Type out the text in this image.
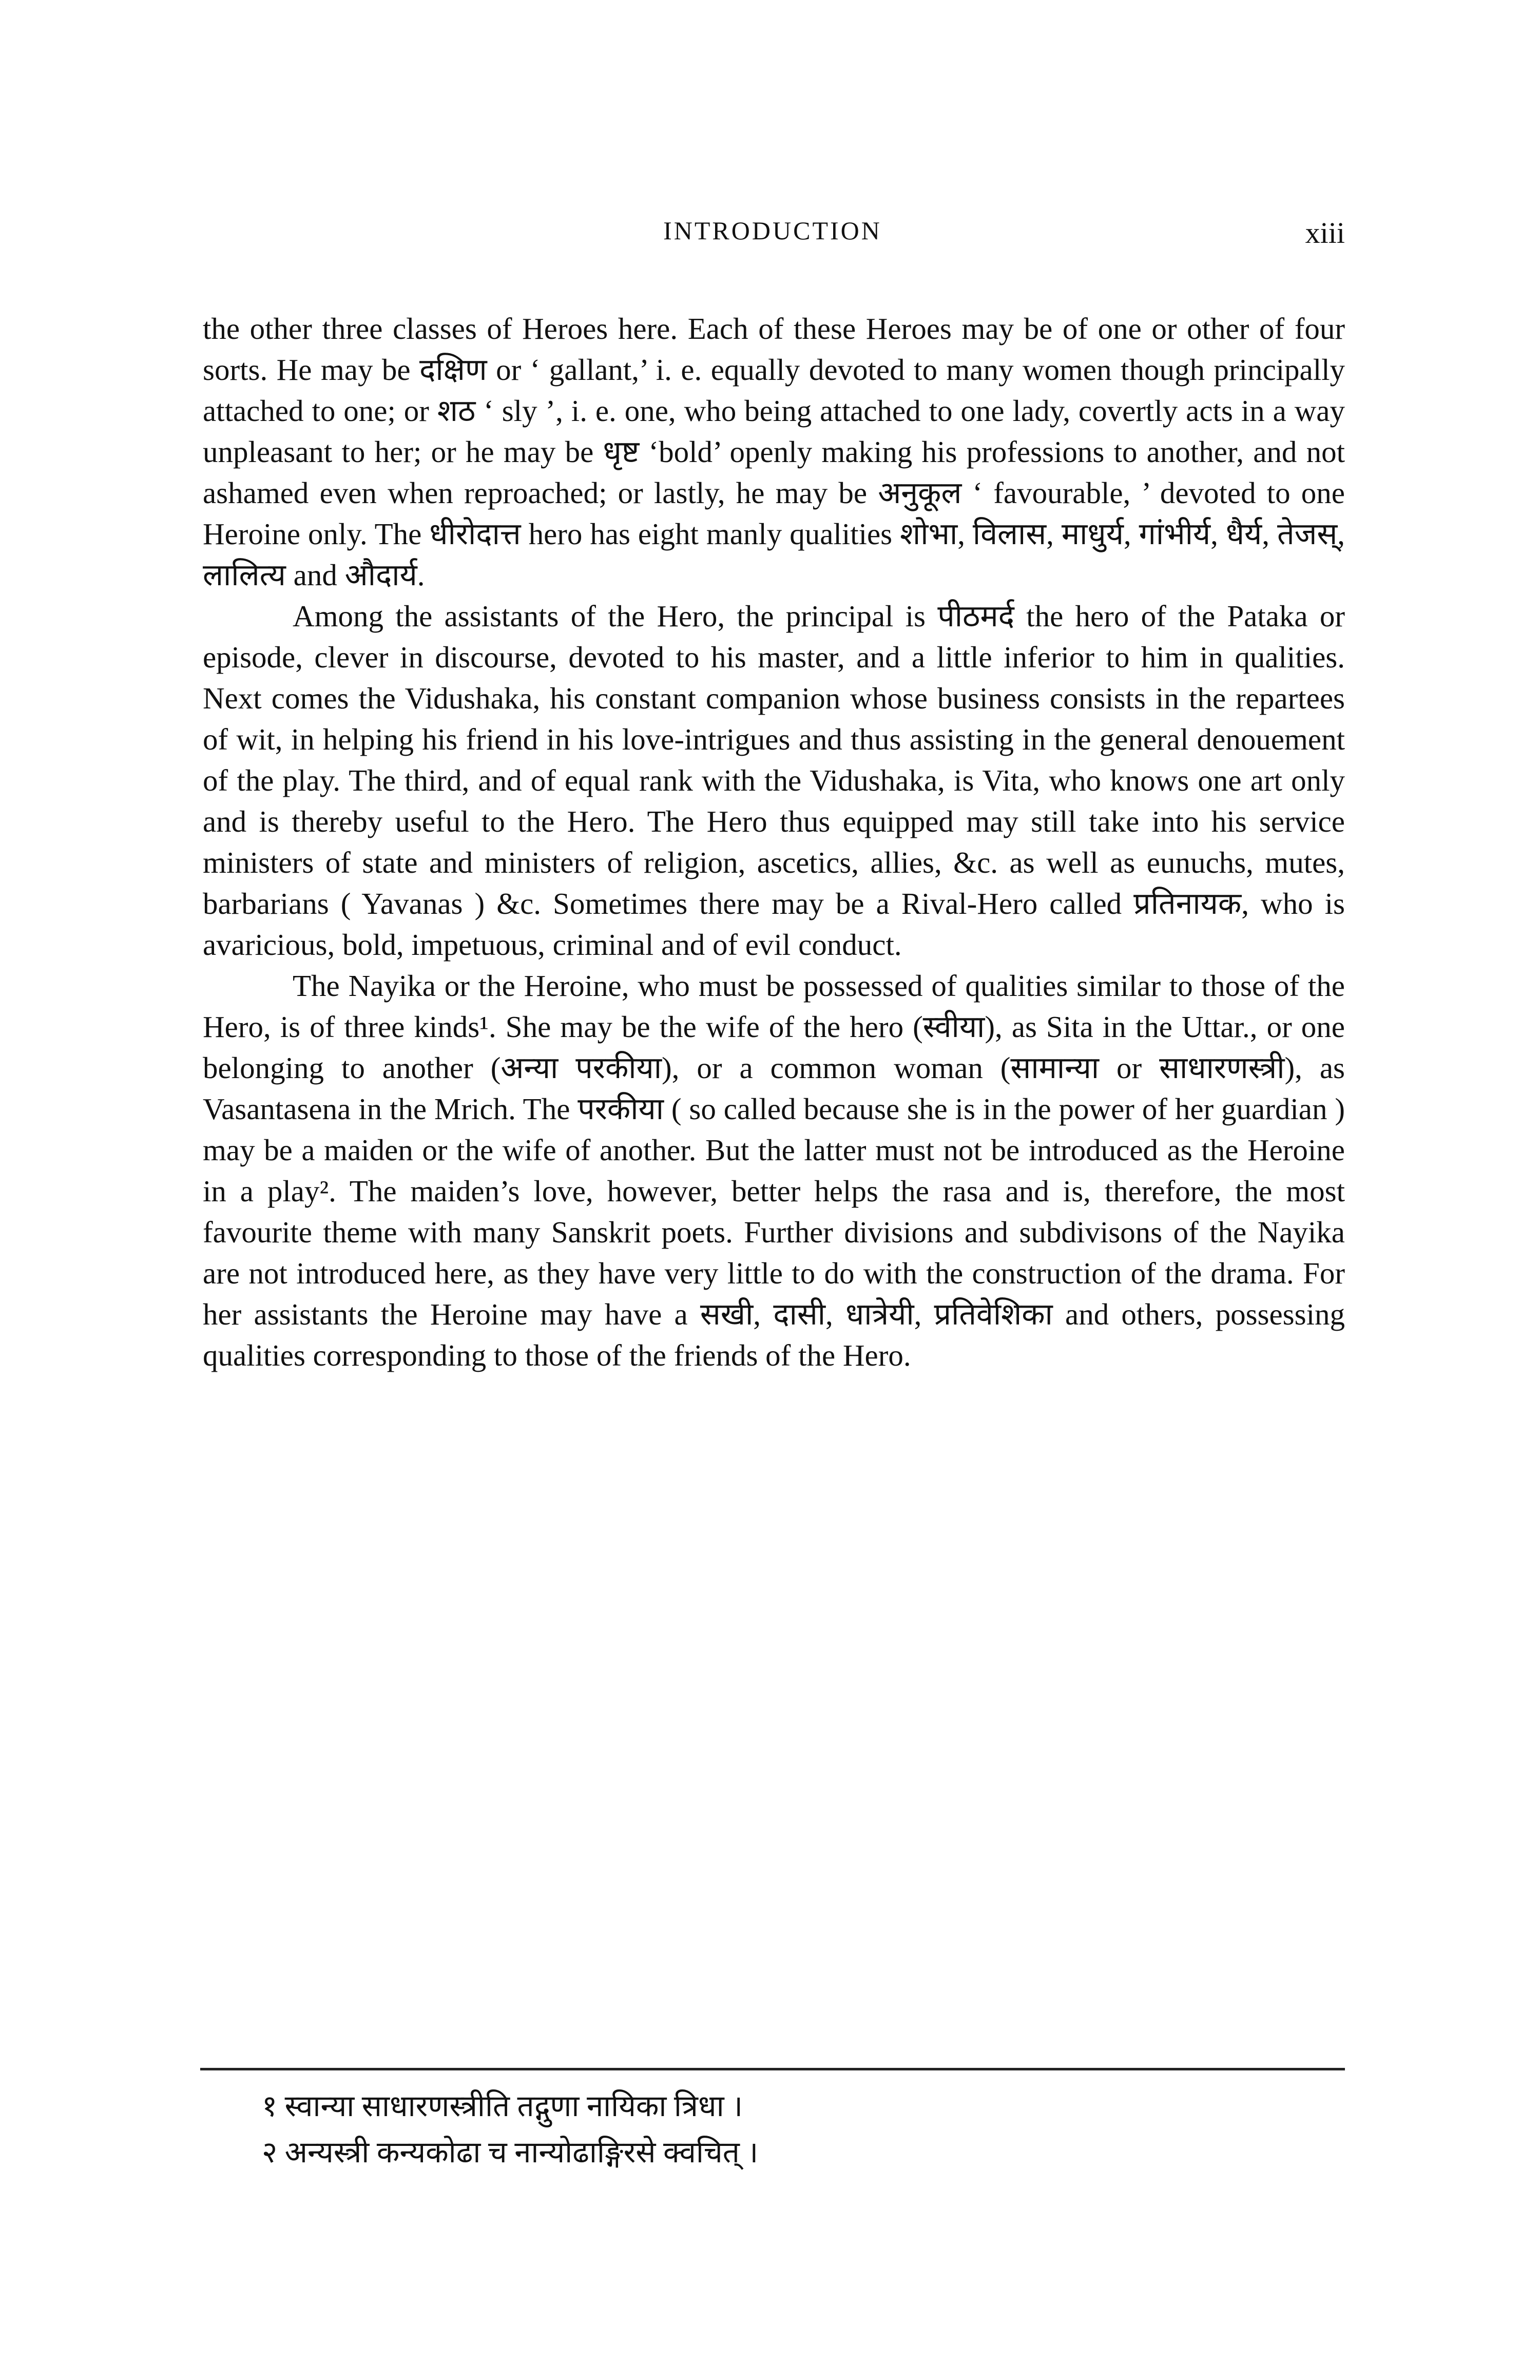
INTRODUCTION	xiii

the other three classes of Heroes here. Each of these Heroes may be of one or other of four sorts. He may be दक्षिण or ‘ gallant,’ i. e. equally devoted to many women though principally attached to one; or शठ ‘ sly ’, i. e. one, who being attached to one lady, covertly acts in a way unpleasant to her; or he may be धृष्ट ‘bold’ openly making his professions to another, and not ashamed even when reproached; or lastly, he may be अनुकूल ‘ favourable, ’ devoted to one Heroine only. The धीरोदात्त hero has eight manly qualities शोभा, विलास, माधुर्य, गांभीर्य, धैर्य, तेजस्, लालित्य and औदार्य.

Among the assistants of the Hero, the principal is पीठमर्द the hero of the Pataka or episode, clever in discourse, devoted to his master, and a little inferior to him in qualities. Next comes the Vidushaka, his constant companion whose business consists in the repartees of wit, in helping his friend in his love-intrigues and thus assisting in the general denouement of the play. The third, and of equal rank with the Vidushaka, is Vita, who knows one art only and is thereby useful to the Hero. The Hero thus equipped may still take into his service ministers of state and ministers of religion, ascetics, allies, &c. as well as eunuchs, mutes, barbarians ( Yavanas ) &c. Sometimes there may be a Rival-Hero called प्रतिनायक, who is avaricious, bold, impetuous, criminal and of evil conduct.

The Nayika or the Heroine, who must be possessed of qualities similar to those of the Hero, is of three kinds¹. She may be the wife of the hero (स्वीया), as Sita in the Uttar., or one belonging to another (अन्या परकीया), or a common woman (सामान्या or साधारणस्त्री), as Vasantasena in the Mrich. The परकीया ( so called because she is in the power of her guardian ) may be a maiden or the wife of another. But the latter must not be introduced as the Heroine in a play². The maiden’s love, however, better helps the rasa and is, therefore, the most favourite theme with many Sanskrit poets. Further divisions and subdivisons of the Nayika are not introduced here, as they have very little to do with the construction of the drama. For her assistants the Heroine may have a सखी, दासी, धात्रेयी, प्रतिवेशिका and others, possessing qualities corresponding to those of the friends of the Hero.

१ स्वान्या साधारणस्त्रीति तद्गुणा नायिका त्रिधा ।

२ अन्यस्त्री कन्यकोढा च नान्योढाङ्गिरसे क्वचित् ।
